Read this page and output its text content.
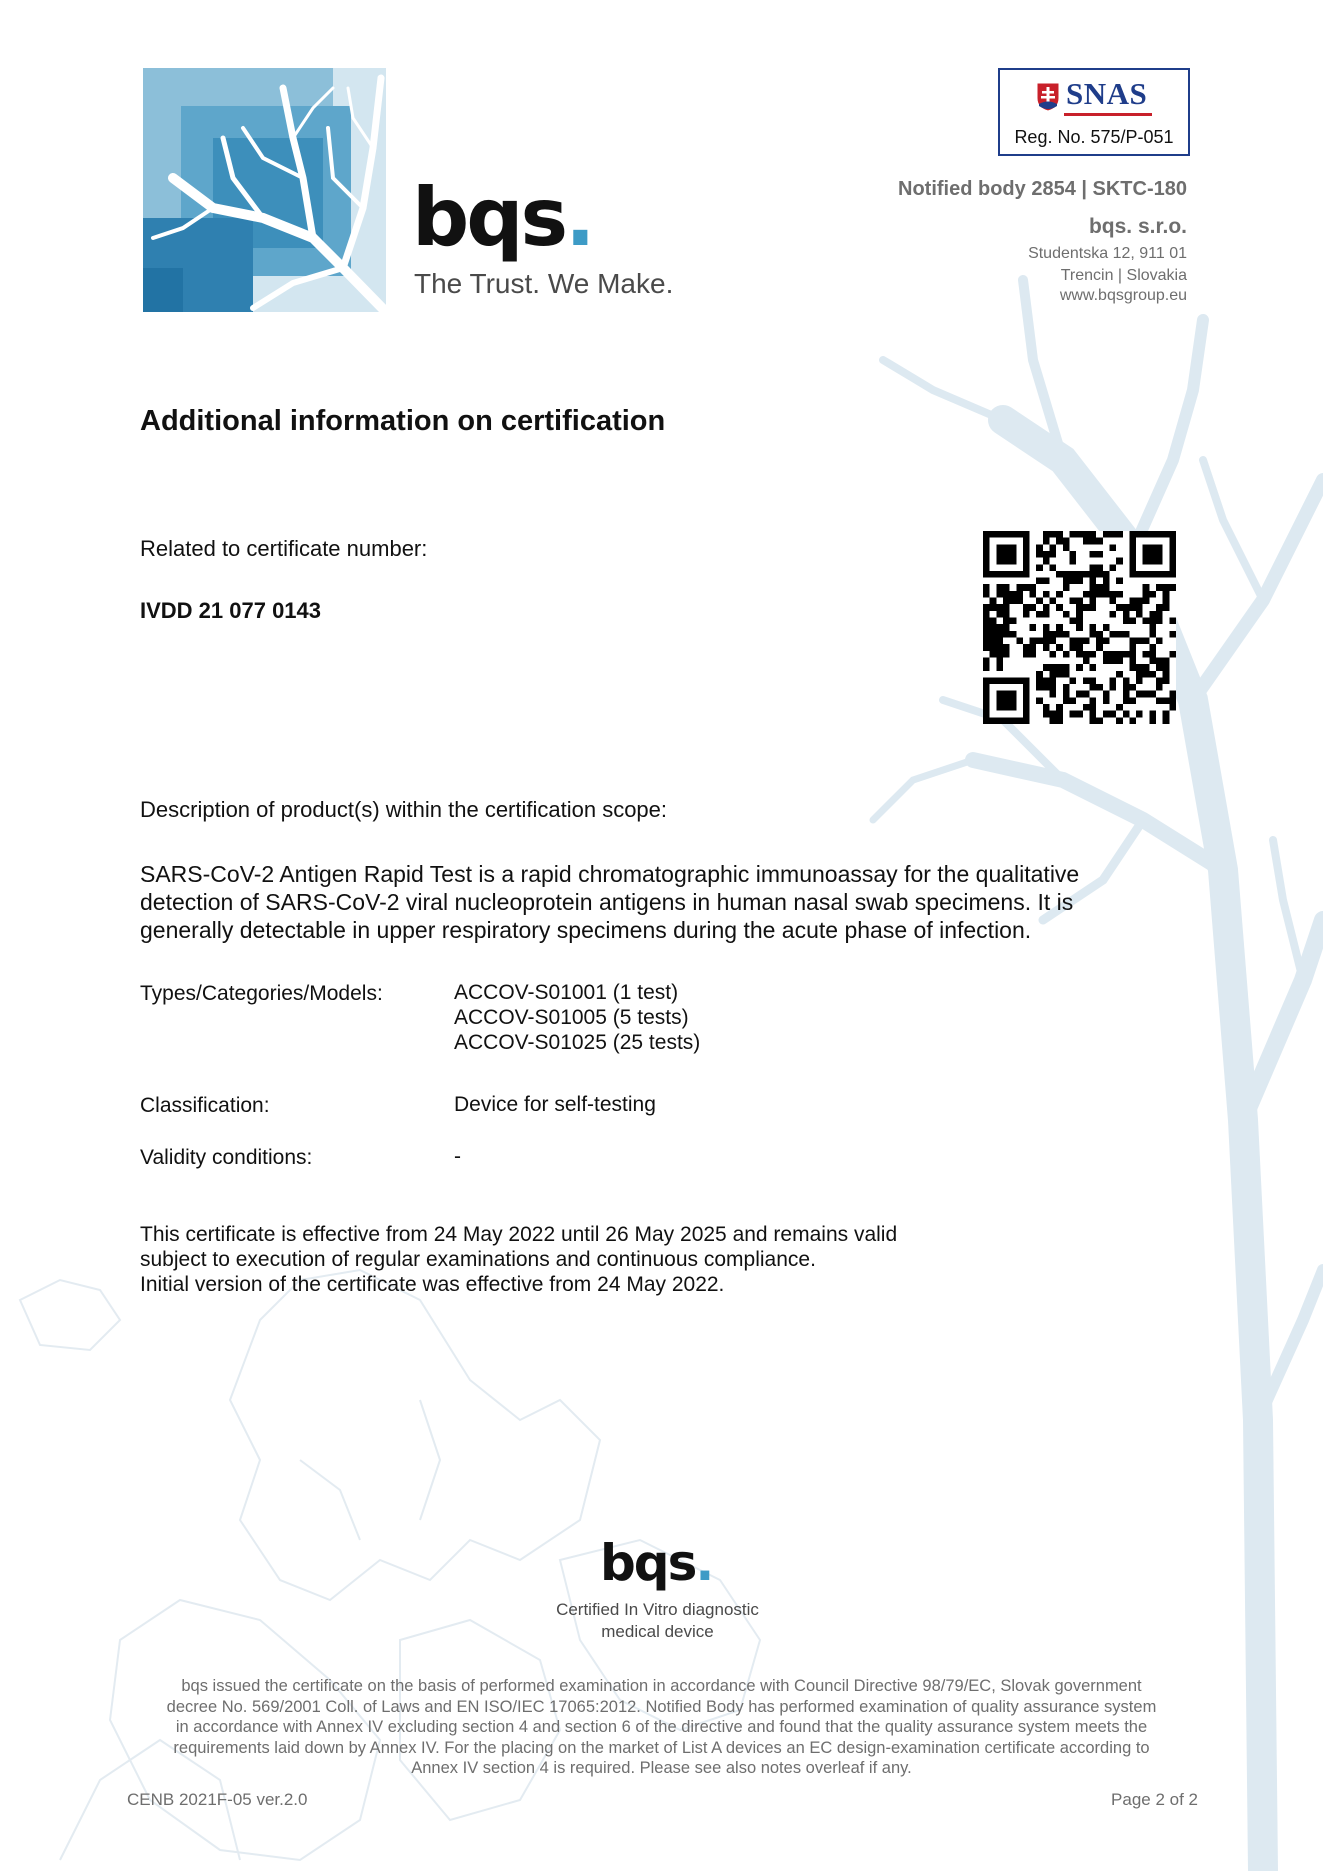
bqs.
The Trust. We Make.
SNAS
Reg. No. 575/P-051
Notified body 2854 | SKTC-180
bqs. s.r.o.
Studentska 12, 911 01
Trencin | Slovakia
www.bqsgroup.eu
Additional information on certification
Related to certificate number:
IVDD 21 077 0143
Description of product(s) within the certification scope:
SARS-CoV-2 Antigen Rapid Test is a rapid chromatographic immunoassay for the qualitative
detection of SARS-CoV-2 viral nucleoprotein antigens in human nasal swab specimens. It is
generally detectable in upper respiratory specimens during the acute phase of infection.
Types/Categories/Models:	ACCOV-S01001 (1 test)
ACCOV-S01005 (5 tests)
ACCOV-S01025 (25 tests)
Classification:	Device for self-testing
Validity conditions:	-
This certificate is effective from 24 May 2022 until 26 May 2025 and remains valid
subject to execution of regular examinations and continuous compliance.
Initial version of the certificate was effective from 24 May 2022.
bqs.
Certified In Vitro diagnostic
medical device
bqs issued the certificate on the basis of performed examination in accordance with Council Directive 98/79/EC, Slovak government
decree No. 569/2001 Coll. of Laws and EN ISO/IEC 17065:2012. Notified Body has performed examination of quality assurance system
in accordance with Annex IV excluding section 4 and section 6 of the directive and found that the quality assurance system meets the
requirements laid down by Annex IV. For the placing on the market of List A devices an EC design-examination certificate according to
Annex IV section 4 is required. Please see also notes overleaf if any.
CENB 2021F-05 ver.2.0	Page 2 of 2
